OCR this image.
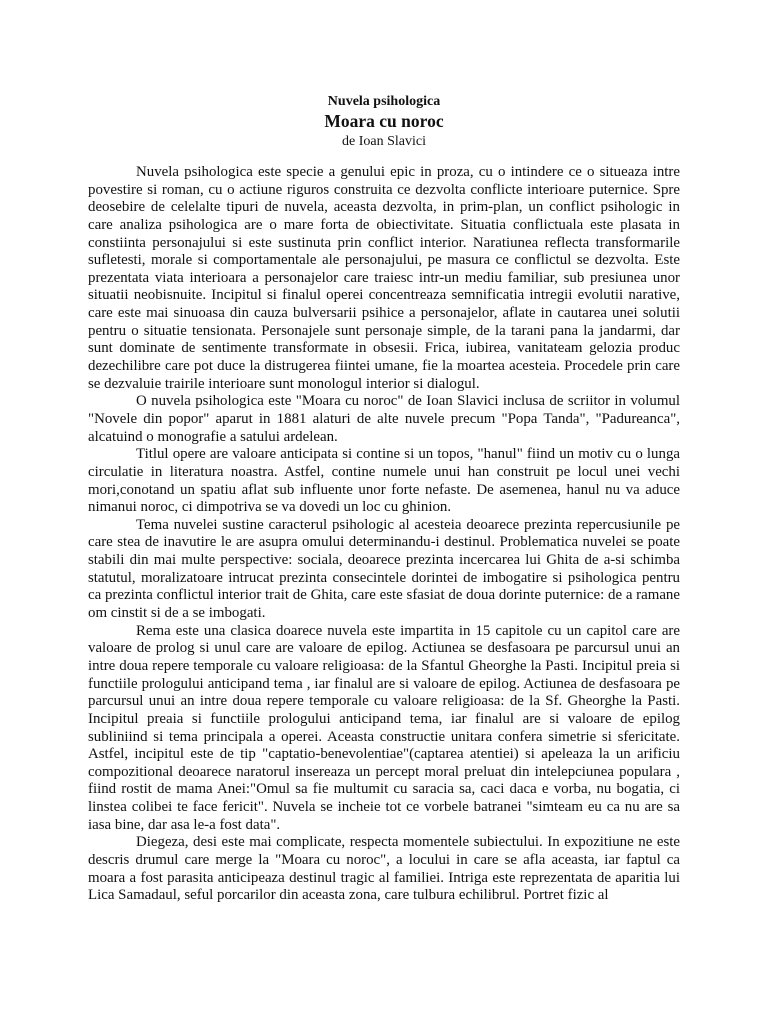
Nuvela psihologica
Moara cu noroc
de Ioan Slavici

Nuvela psihologica este specie a genului epic in proza, cu o intindere ce o situeaza intre povestire si roman, cu o actiune riguros construita ce dezvolta conflicte interioare puternice. Spre deosebire de celelalte tipuri de nuvela, aceasta dezvolta, in prim-plan, un conflict psihologic in care analiza psihologica are o mare forta de obiectivitate. Situatia conflictuala este plasata in constiinta personajului si este sustinuta prin conflict interior. Naratiunea reflecta transformarile sufletesti, morale si comportamentale ale personajului, pe masura ce conflictul se dezvolta. Este prezentata viata interioara a personajelor care traiesc intr-un mediu familiar, sub presiunea unor situatii neobisnuite. Incipitul si finalul operei concentreaza semnificatia intregii evolutii narative, care este mai sinuoasa din cauza bulversarii psihice a personajelor, aflate in cautarea unei solutii pentru o situatie tensionata. Personajele sunt personaje simple, de la tarani pana la jandarmi, dar sunt dominate de sentimente transformate in obsesii. Frica, iubirea, vanitateam gelozia produc dezechilibre care pot duce la distrugerea fiintei umane, fie la moartea acesteia. Procedele prin care se dezvaluie trairile interioare sunt monologul interior si dialogul.

O nuvela psihologica este "Moara cu noroc" de Ioan Slavici inclusa de scriitor in volumul "Novele din popor" aparut in 1881 alaturi de alte nuvele precum "Popa Tanda", "Padureanca", alcatuind o monografie a satului ardelean.

Titlul opere are valoare anticipata si contine si un topos, "hanul" fiind un motiv cu o lunga circulatie in literatura noastra. Astfel, contine numele unui han construit pe locul unei vechi mori,conotand un spatiu aflat sub influente unor forte nefaste. De asemenea, hanul nu va aduce nimanui noroc, ci dimpotriva se va dovedi un loc cu ghinion.

Tema nuvelei sustine caracterul psihologic al acesteia deoarece prezinta repercusiunile pe care stea de inavutire le are asupra omului determinandu-i destinul. Problematica nuvelei se poate stabili din mai multe perspective: sociala, deoarece prezinta incercarea lui Ghita de a-si schimba statutul, moralizatoare intrucat prezinta consecintele dorintei de imbogatire si psihologica pentru ca prezinta conflictul interior trait de Ghita, care este sfasiat de doua dorinte puternice: de a ramane om cinstit si de a se imbogati.

Rema este una clasica doarece nuvela este impartita in 15 capitole cu un capitol care are valoare de prolog si unul care are valoare de epilog. Actiunea se desfasoara pe parcursul unui an intre doua repere temporale cu valoare religioasa: de la Sfantul Gheorghe la Pasti. Incipitul preia si functiile prologului anticipand tema , iar finalul are si valoare de epilog. Actiunea de desfasoara pe parcursul unui an intre doua repere temporale cu valoare religioasa: de la Sf. Gheorghe la Pasti. Incipitul preaia si functiile prologului anticipand tema, iar finalul are si valoare de epilog subliniind si tema principala a operei. Aceasta constructie unitara confera simetrie si sfericitate. Astfel, incipitul este de tip "captatio-benevolentiae"(captarea atentiei) si apeleaza la un arificiu compozitional deoarece naratorul insereaza un percept moral preluat din intelepciunea populara , fiind rostit de mama Anei:"Omul sa fie multumit cu saracia sa, caci daca e vorba, nu bogatia, ci linstea colibei te face fericit". Nuvela se incheie tot ce vorbele batranei "simteam eu ca nu are sa iasa bine, dar asa le-a fost data".

Diegeza, desi este mai complicate, respecta momentele subiectului. In expozitiune ne este descris drumul care merge la "Moara cu noroc", a locului in care se afla aceasta, iar faptul ca moara a fost parasita anticipeaza destinul tragic al familiei. Intriga este reprezentata de aparitia lui Lica Samadaul, seful porcarilor din aceasta zona, care tulbura echilibrul. Portret fizic al
